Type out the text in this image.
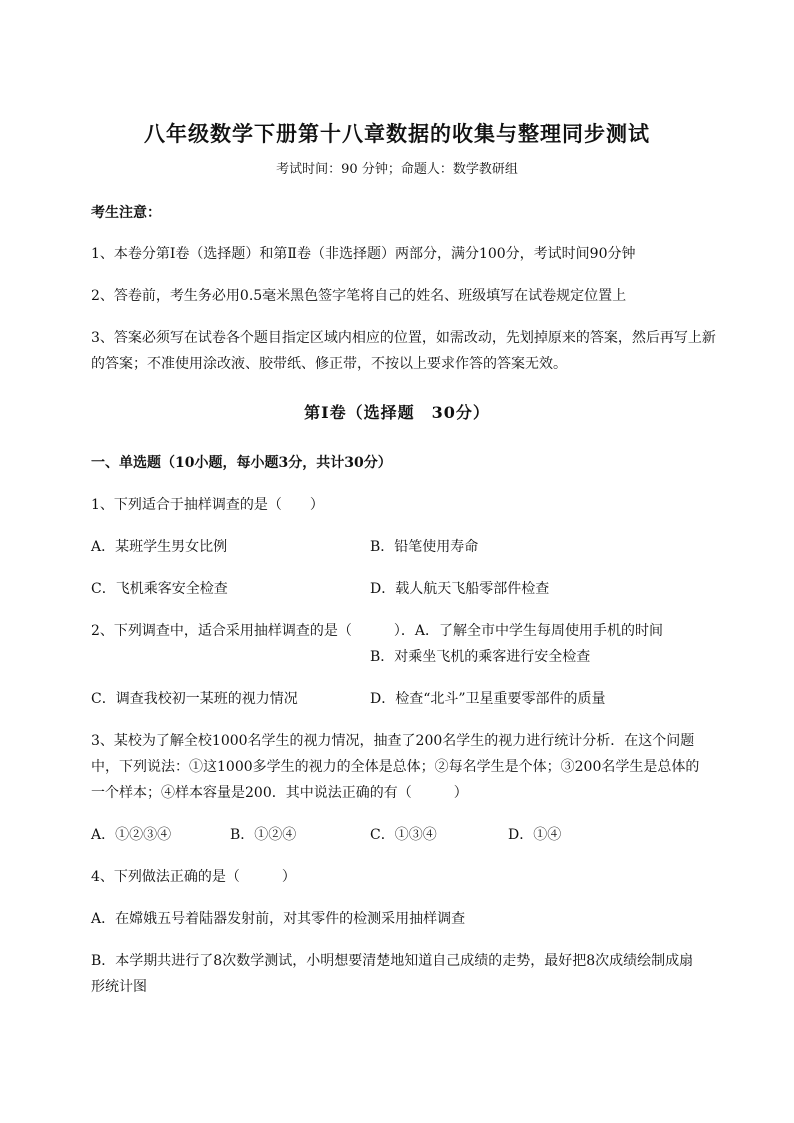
八年级数学下册第十八章数据的收集与整理同步测试
考试时间：90 分钟；命题人：数学教研组
考生注意：
1、本卷分第Ⅰ卷（选择题）和第Ⅱ卷（非选择题）两部分，满分100分，考试时间90分钟
2、答卷前，考生务必用0.5毫米黑色签字笔将自己的姓名、班级填写在试卷规定位置上
3、答案必须写在试卷各个题目指定区域内相应的位置，如需改动，先划掉原来的答案，然后再写上新
的答案；不准使用涂改液、胶带纸、修正带，不按以上要求作答的答案无效。
第Ⅰ卷（选择题　30分）
一、单选题（10小题，每小题3分，共计30分）
1、下列适合于抽样调查的是（　　）
A．某班学生男女比例	B．铅笔使用寿命
C．飞机乘客安全检查	D．载人航天飞船零部件检查
2、下列调查中，适合采用抽样调查的是（　　　）．A．了解全市中学生每周使用手机的时间
B．对乘坐飞机的乘客进行安全检查
C．调查我校初一某班的视力情况	D．检查“北斗”卫星重要零部件的质量
3、某校为了解全校1000名学生的视力情况，抽查了200名学生的视力进行统计分析．在这个问题
中，下列说法：①这1000多学生的视力的全体是总体；②每名学生是个体；③200名学生是总体的
一个样本；④样本容量是200．其中说法正确的有（　　　）
A．①②③④	B．①②④	C．①③④	D．①④
4、下列做法正确的是（　　　）
A．在嫦娥五号着陆器发射前，对其零件的检测采用抽样调查
B．本学期共进行了8次数学测试，小明想要清楚地知道自己成绩的走势，最好把8次成绩绘制成扇
形统计图
